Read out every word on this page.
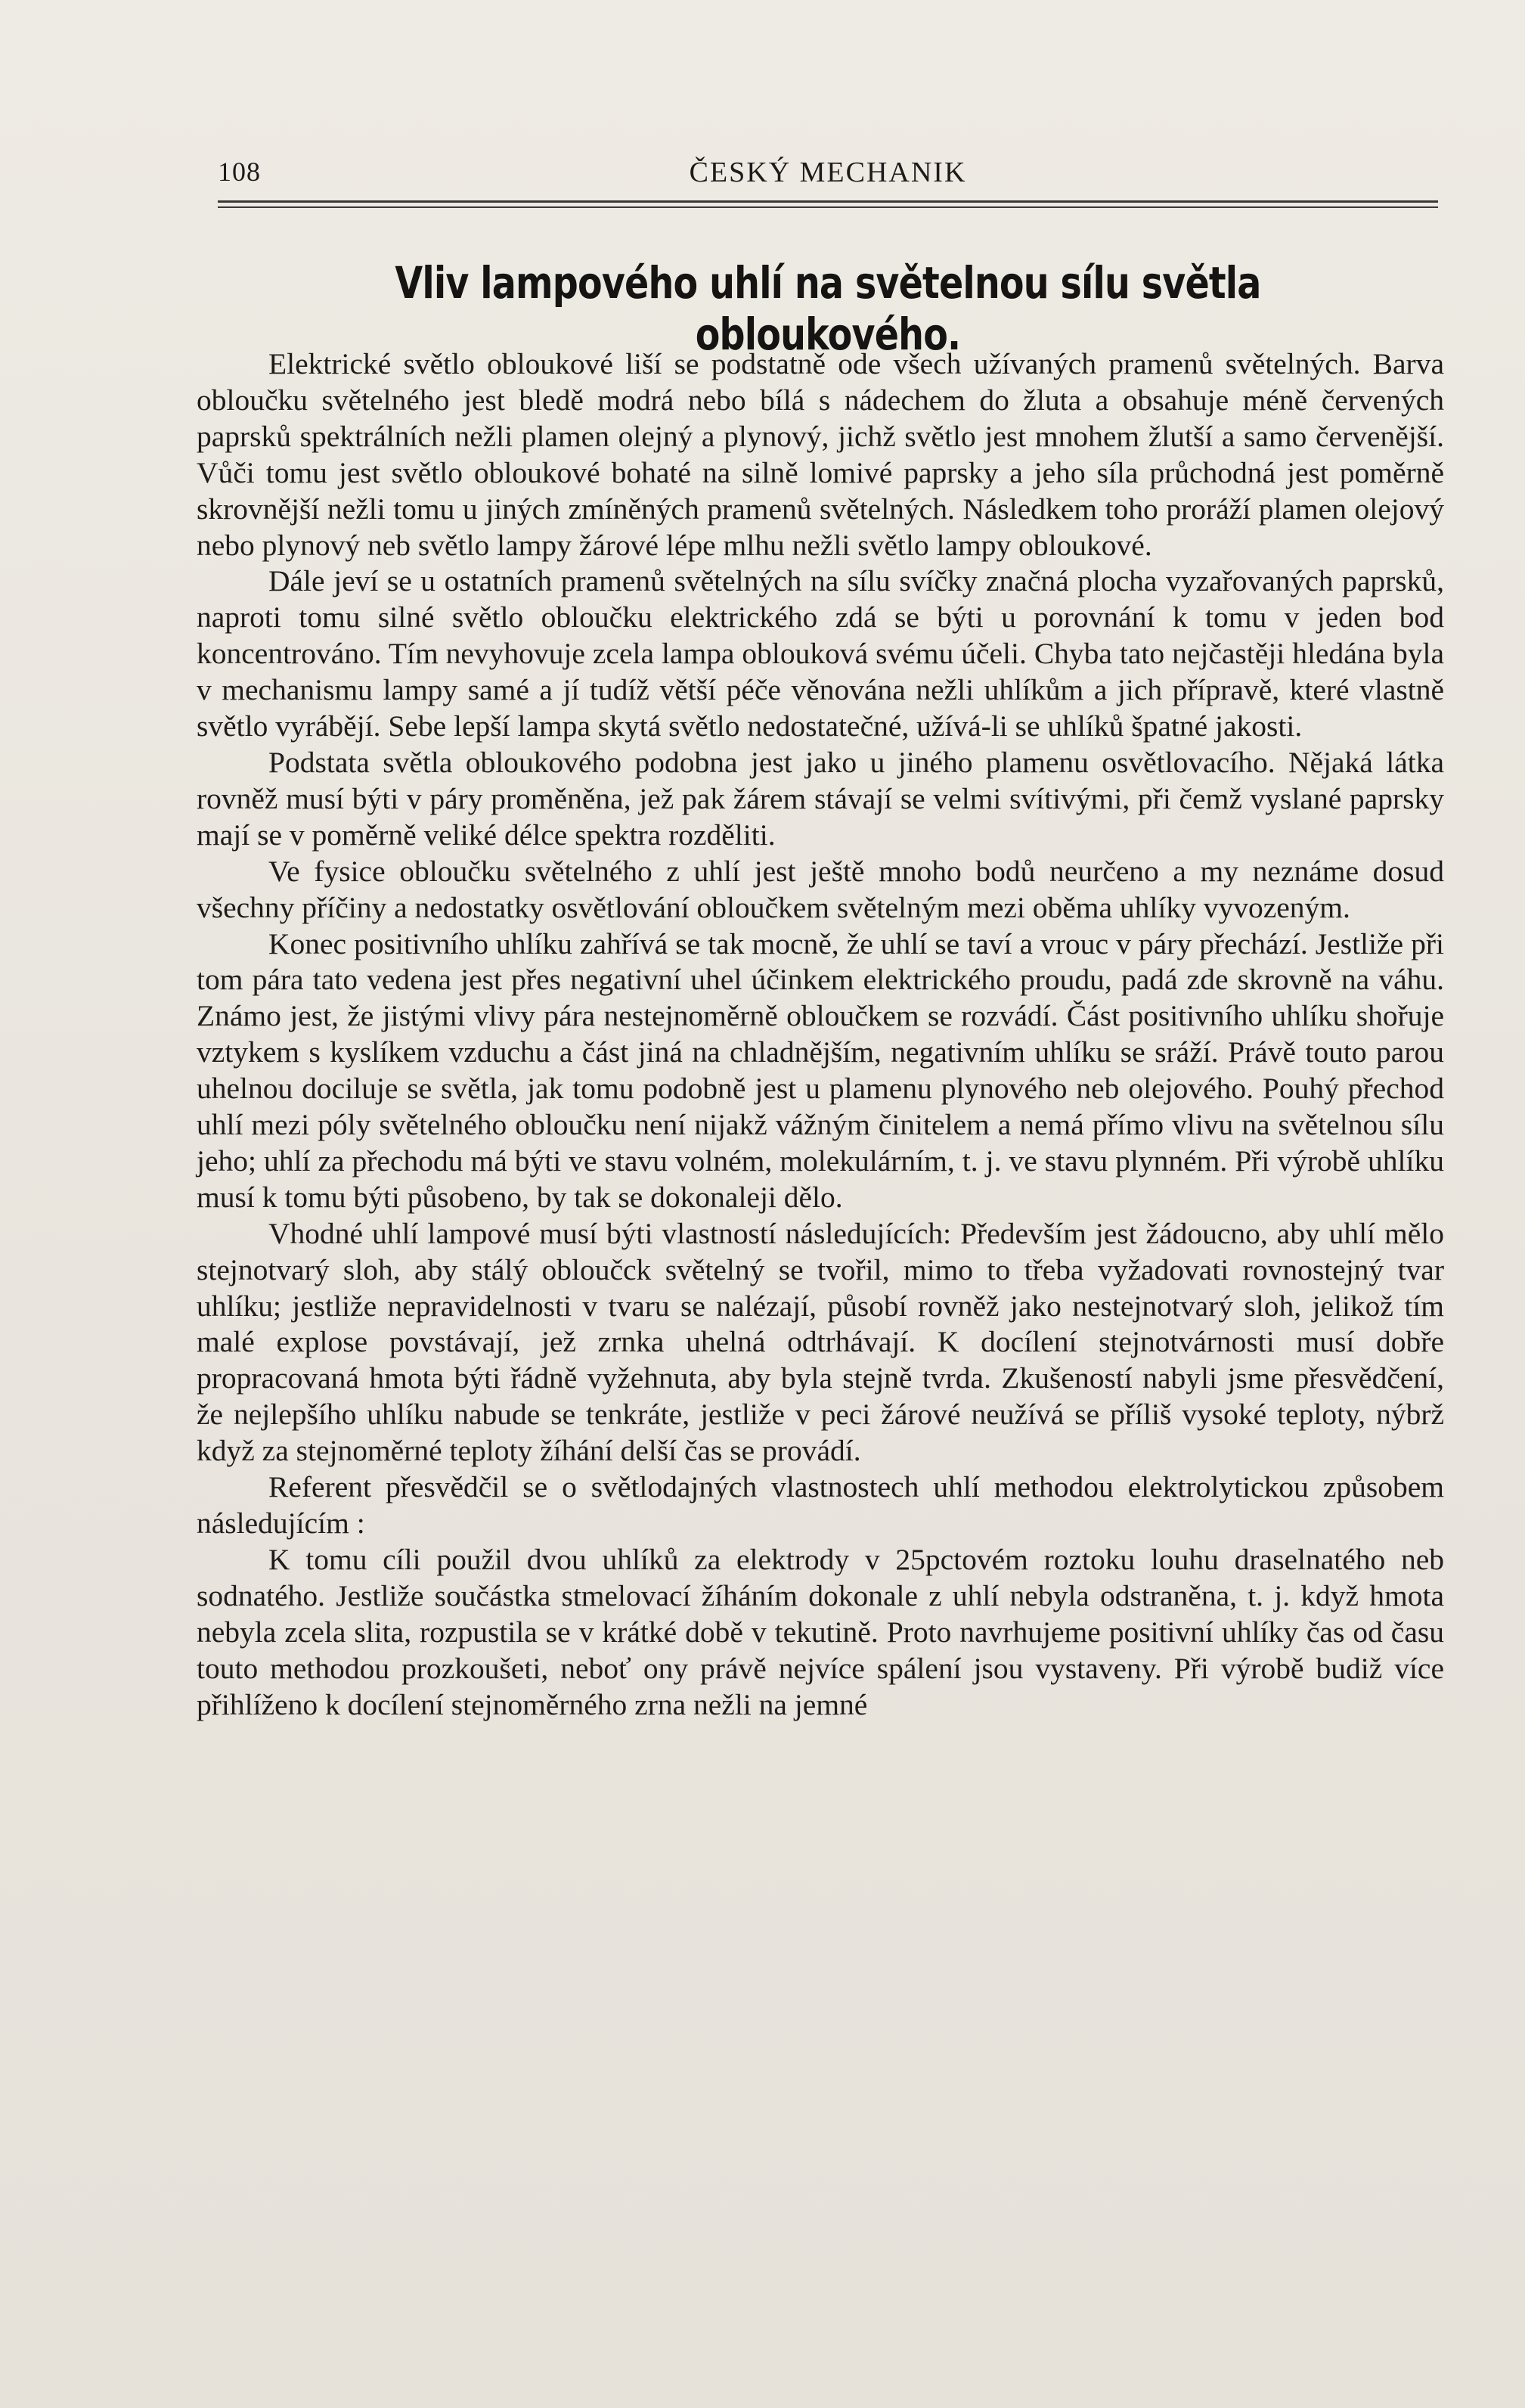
108	ČESKÝ MECHANIK
Vliv lampového uhlí na světelnou sílu světla obloukového.

Elektrické světlo obloukové liší se podstatně ode všech užívaných pramenů světelných. Barva obloučku světelného jest bledě modrá nebo bílá s nádechem do žluta a obsahuje méně červených paprsků spektrálních nežli plamen olejný a plynový, jichž světlo jest mnohem žlutší a samo červenější. Vůči tomu jest světlo obloukové bohaté na silně lomivé paprsky a jeho síla průchodná jest poměrně skrovnější nežli tomu u jiných zmíněných pramenů světelných. Následkem toho proráží plamen olejový nebo plynový neb světlo lampy žárové lépe mlhu nežli světlo lampy obloukové.

Dále jeví se u ostatních pramenů světelných na sílu svíčky značná plocha vyzařovaných paprsků, naproti tomu silné světlo obloučku elektrického zdá se býti u porovnání k tomu v jeden bod koncentrováno. Tím nevyhovuje zcela lampa oblouková svému účeli. Chyba tato nejčastěji hledána byla v mechanismu lampy samé a jí tudíž větší péče věnována nežli uhlíkům a jich přípravě, které vlastně světlo vyrábějí. Sebe lepší lampa skytá světlo nedostatečné, užívá-li se uhlíků špatné jakosti.

Podstata světla obloukového podobna jest jako u jiného plamenu osvětlovacího. Nějaká látka rovněž musí býti v páry proměněna, jež pak žárem stávají se velmi svítivými, při čemž vyslané paprsky mají se v poměrně veliké délce spektra rozděliti.

Ve fysice obloučku světelného z uhlí jest ještě mnoho bodů neurčeno a my neznáme dosud všechny příčiny a nedostatky osvětlování obloučkem světelným mezi oběma uhlíky vyvozeným.

Konec positivního uhlíku zahřívá se tak mocně, že uhlí se taví a vrouc v páry přechází. Jestliže při tom pára tato vedena jest přes negativní uhel účinkem elektrického proudu, padá zde skrovně na váhu. Známo jest, že jistými vlivy pára nestejnoměrně obloučkem se rozvádí. Část positivního uhlíku shořuje vztykem s kyslíkem vzduchu a část jiná na chladnějším, negativním uhlíku se sráží. Právě touto parou uhelnou dociluje se světla, jak tomu podobně jest u plamenu plynového neb olejového. Pouhý přechod uhlí mezi póly světelného obloučku není nijakž vážným činitelem a nemá přímo vlivu na světelnou sílu jeho; uhlí za přechodu má býti ve stavu volném, molekulárním, t. j. ve stavu plynném. Při výrobě uhlíku musí k tomu býti působeno, by tak se dokonaleji dělo.

Vhodné uhlí lampové musí býti vlastností následujících: Především jest žádoucno, aby uhlí mělo stejnotvarý sloh, aby stálý obloučck světelný se tvořil, mimo to třeba vyžadovati rovnostejný tvar uhlíku; jestliže nepravidelnosti v tvaru se nalézají, působí rovněž jako nestejnotvarý sloh, jelikož tím malé explose povstávají, jež zrnka uhelná odtrhávají. K docílení stejnotvárnosti musí dobře propracovaná hmota býti řádně vyžehnuta, aby byla stejně tvrda. Zkušeností nabyli jsme přesvědčení, že nejlepšího uhlíku nabude se tenkráte, jestliže v peci žárové neužívá se příliš vysoké teploty, nýbrž když za stejnoměrné teploty žíhání delší čas se provádí.

Referent přesvědčil se o světlodajných vlastnostech uhlí methodou elektrolytickou způsobem následujícím :

K tomu cíli použil dvou uhlíků za elektrody v 25pctovém roztoku louhu draselnatého neb sodnatého. Jestliže součástka stmelovací žíháním dokonale z uhlí nebyla odstraněna, t. j. když hmota nebyla zcela slita, rozpustila se v krátké době v tekutině. Proto navrhujeme positivní uhlíky čas od času touto methodou prozkoušeti, neboť ony právě nejvíce spálení jsou vystaveny. Při výrobě budiž více přihlíženo k docílení stejnoměrného zrna nežli na jemné
